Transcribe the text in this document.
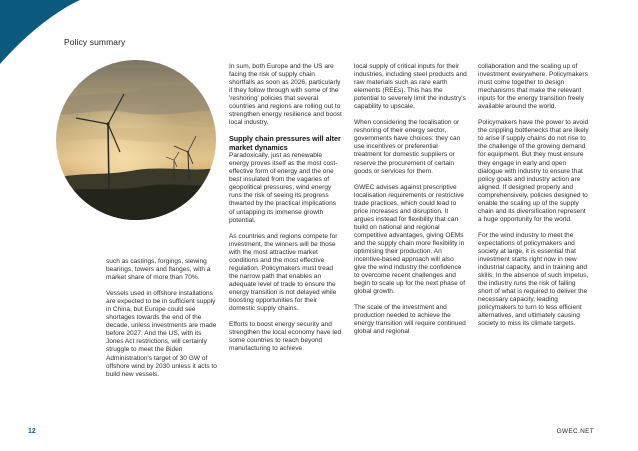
Policy summary

such as castings, forgings, slewing bearings, towers and flanges, with a market share of more than 70%.

Vessels used in offshore installations are expected to be in sufficient supply in China, but Europe could see shortages towards the end of the decade, unless investments are made before 2027. And the US, with its Jones Act restrictions, will certainly struggle to meet the Biden Administration's target of 30 GW of offshore wind by 2030 unless it acts to build new vessels.

In sum, both Europe and the US are facing the risk of supply chain shortfalls as soon as 2026, particularly if they follow through with some of the 'reshoring' policies that several countries and regions are rolling out to strengthen energy resilience and boost local industry.

Supply chain pressures will alter market dynamics

Paradoxically, just as renewable energy proves itself as the most cost-effective form of energy and the one best insulated from the vagaries of geopolitical pressures, wind energy runs the risk of seeing its progress thwarted by the practical implications of untapping its immense growth potential.

As countries and regions compete for investment, the winners will be those with the most attractive market conditions and the most effective regulation. Policymakers must tread the narrow path that enables an adequate level of trade to ensure the energy transition is not delayed while boosting opportunities for their domestic supply chains.

Efforts to boost energy security and strengthen the local economy have led some countries to reach beyond manufacturing to achieve

local supply of critical inputs for their industries, including steel products and raw materials such as rare earth elements (REEs). This has the potential to severely limit the industry's capability to upscale.

When considering the localisation or reshoring of their energy sector, governments have choices: they can use incentives or preferential treatment for domestic suppliers or reserve the procurement of certain goods or services for them.

GWEC advises against prescriptive localisation requirements or restrictive trade practices, which could lead to price increases and disruption. It argues instead for flexibility that can build on national and regional competitive advantages, giving OEMs and the supply chain more flexibility in optimising their production. An incentive-based approach will also give the wind industry the confidence to overcome recent challenges and begin to scale up for the next phase of global growth.

The scale of the investment and production needed to achieve the energy transition will require continued global and regional

collaboration and the scaling up of investment everywhere. Policymakers must come together to design mechanisms that make the relevant inputs for the energy transition freely available around the world.

Policymakers have the power to avoid the crippling bottlenecks that are likely to arise if supply chains do not rise to the challenge of the growing demand for equipment. But they must ensure they engage in early and open dialogue with industry to ensure that policy goals and industry action are aligned. If designed properly and comprehensively, policies designed to enable the scaling up of the supply chain and its diversification represent a huge opportunity for the world.

For the wind industry to meet the expectations of policymakers and society at large, it is essential that investment starts right now in new industrial capacity, and in training and skills. In the absence of such impetus, the industry runs the risk of falling short of what is required to deliver the necessary capacity, leading policymakers to turn to less efficient alternatives, and ultimately causing society to miss its climate targets.

12	GWEC.NET
